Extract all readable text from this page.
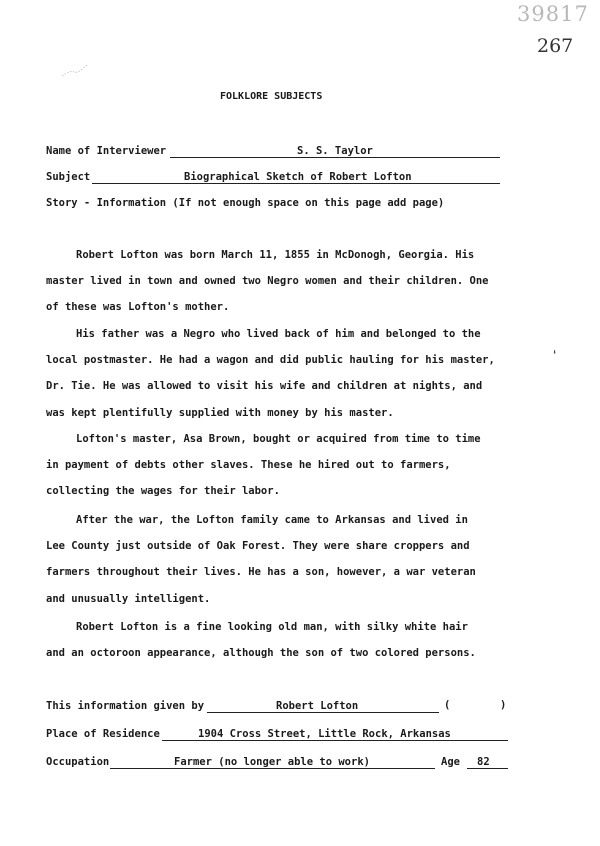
39817
267
FOLKLORE SUBJECTS
Name of Interviewer	S. S. Taylor
Subject	Biographical Sketch of Robert Lofton
Story - Information (If not enough space on this page add page)

Robert Lofton was born March 11, 1855 in McDonogh, Georgia. His

master lived in town and owned two Negro women and their children. One

of these was Lofton's mother.

His father was a Negro who lived back of him and belonged to the

local postmaster. He had a wagon and did public hauling for his master,

Dr. Tie. He was allowed to visit his wife and children at nights, and

was kept plentifully supplied with money by his master.

Lofton's master, Asa Brown, bought or acquired from time to time

in payment of debts other slaves. These he hired out to farmers,

collecting the wages for their labor.

After the war, the Lofton family came to Arkansas and lived in

Lee County just outside of Oak Forest. They were share croppers and

farmers throughout their lives. He has a son, however, a war veteran

and unusually intelligent.

Robert Lofton is a fine looking old man, with silky white hair

and an octoroon appearance, although the son of two colored persons.

‘
This information given by	Robert Lofton	(	)
Place of Residence	1904 Cross Street, Little Rock, Arkansas
Occupation	Farmer (no longer able to work)	Age 82
